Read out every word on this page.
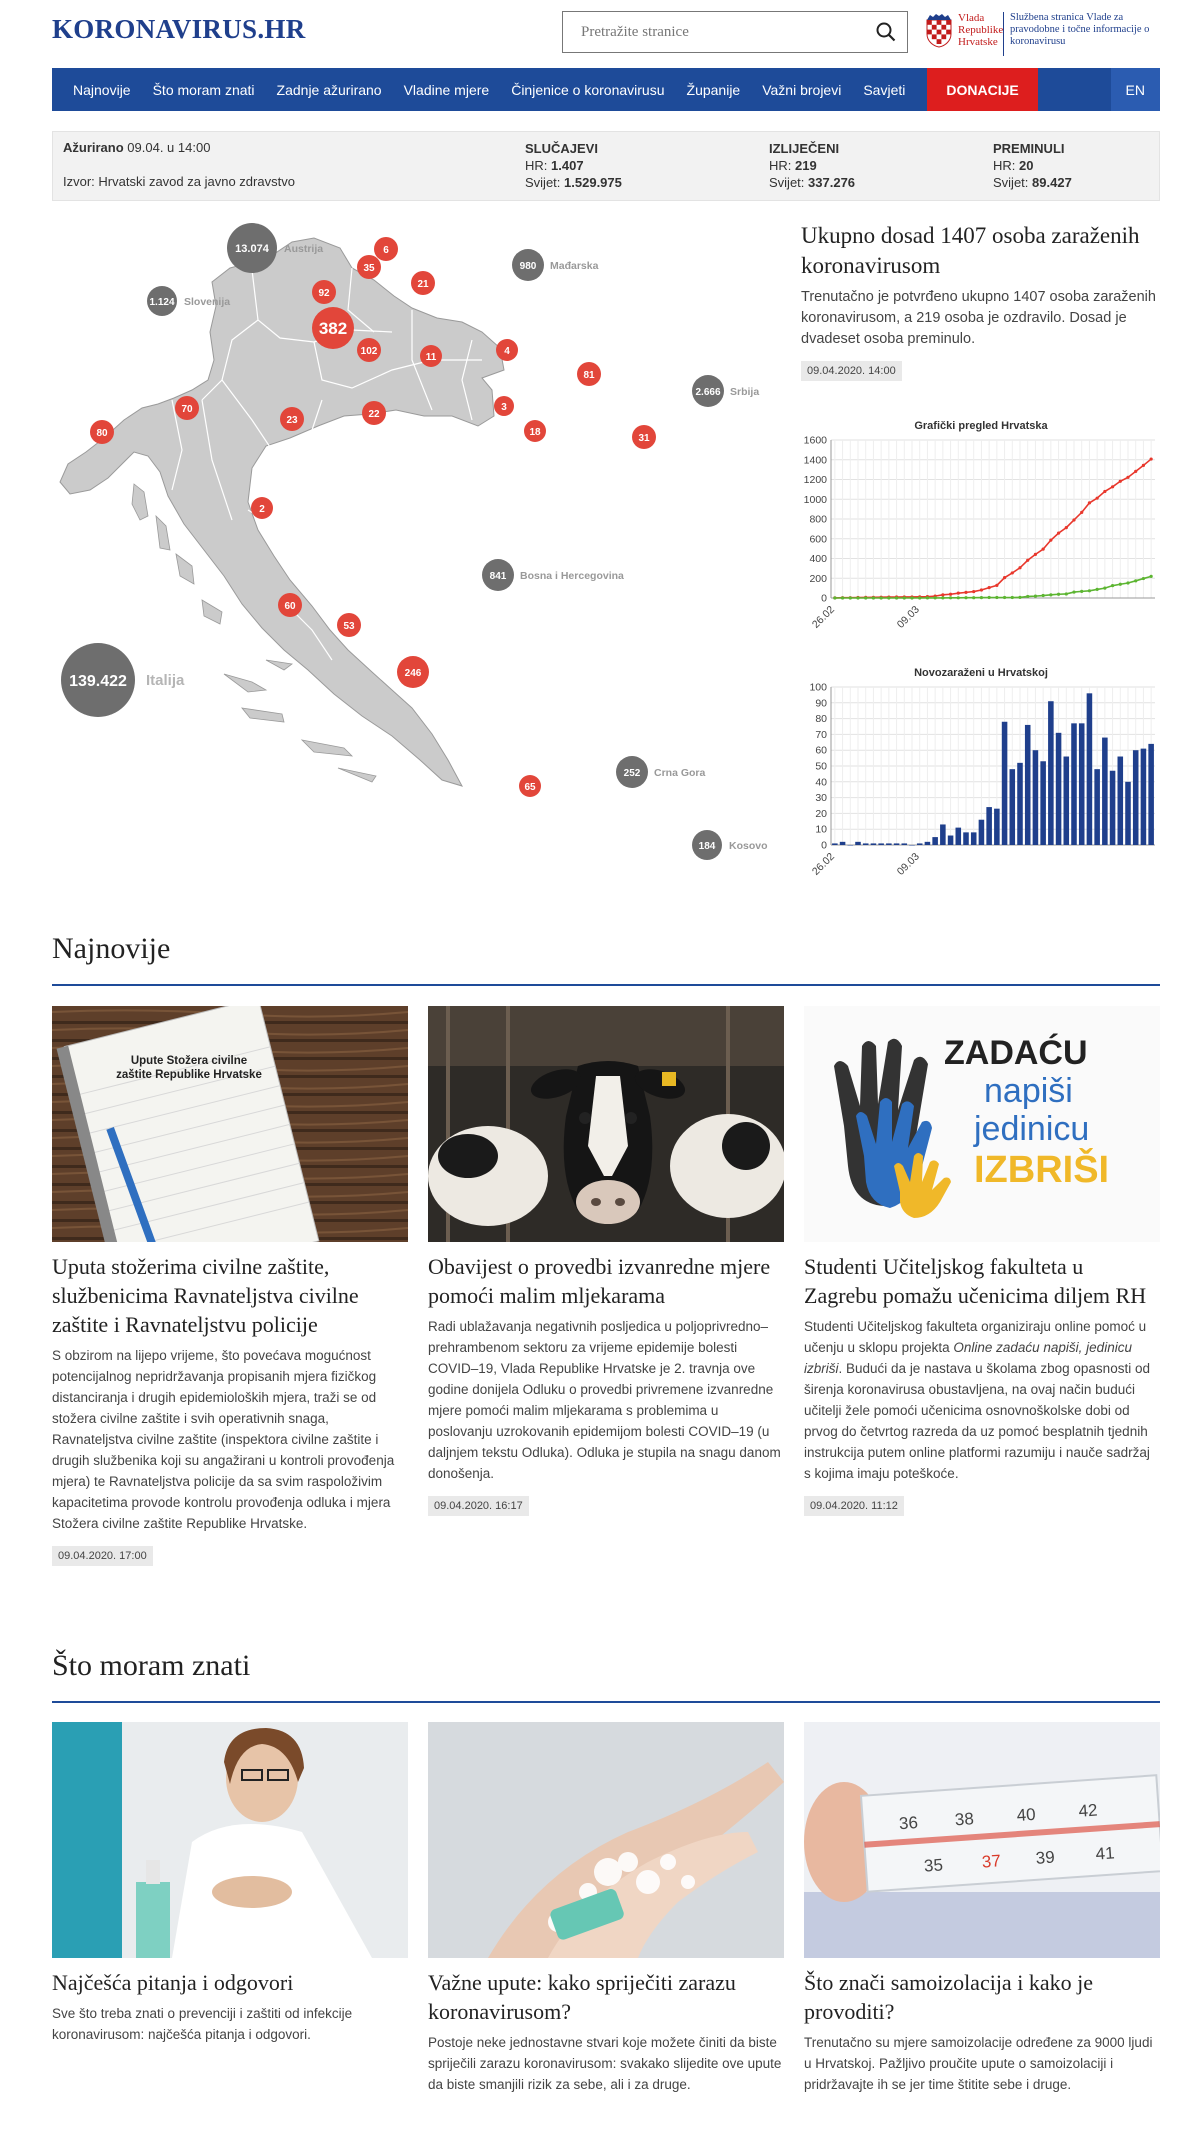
KORONAVIRUS.HR
Pretražite stranice	Vlada Republike Hrvatske
Službena stranica Vlade za pravodobne i točne informacije o koronavirusu
Najnovije	Što moram znati	Zadnje ažurirano	Vladine mjere	Činjenice o koronavirusu	Županije	Važni brojevi	Savjeti	DONACIJE	EN
Ažurirano 09.04. u 14:00
Izvor: Hrvatski zavod za javno zdravstvo
SLUČAJEVI
HR: 1.407
Svijet: 1.529.975
IZLIJEČENI
HR: 219
Svijet: 337.276
PREMINULI
HR: 20
Svijet: 89.427
13.074 Austrija
980 Mađarska
1.124 Slovenija
2.666 Srbija
841 Bosna i Hercegovina
139.422 Italija
252 Crna Gora
184 Kosovo
6
35
21
92
382
102
11
4
81
70
23
22
3
18
80	31
2
60
53
246
65
Ukupno dosad 1407 osoba zaraženih koronavirusom
Trenutačno je potvrđeno ukupno 1407 osoba zaraženih koronavirusom, a 219 osoba je ozdravilo. Dosad je dvadeset osoba preminulo.
09.04.2020. 14:00
Grafički pregled Hrvatska
0
200
400
600
800
1000
1200
1400
1600
26.02	09.03
Novozaraženi u Hrvatskoj
0
10
20
30
40
50
60
70
80
90
100
26.02	09.03
Najnovije
Upute Stožera civilne zaštite Republike Hrvatske
Uputa stožerima civilne zaštite, službenicima Ravnateljstva civilne zaštite i Ravnateljstvu policije
S obzirom na lijepo vrijeme, što povećava mogućnost potencijalnog nepridržavanja propisanih mjera fizičkog distanciranja i drugih epidemioloških mjera, traži se od stožera civilne zaštite i svih operativnih snaga, Ravnateljstva civilne zaštite (inspektora civilne zaštite i drugih službenika koji su angažirani u kontroli provođenja mjera) te Ravnateljstva policije da sa svim raspoloživim kapacitetima provode kontrolu provođenja odluka i mjera Stožera civilne zaštite Republike Hrvatske.
09.04.2020. 17:00
Obavijest o provedbi izvanredne mjere pomoći malim mljekarama
Radi ublažavanja negativnih posljedica u poljoprivredno–prehrambenom sektoru za vrijeme epidemije bolesti COVID–19, Vlada Republike Hrvatske je 2. travnja ove godine donijela Odluku o provedbi privremene izvanredne mjere pomoći malim mljekarama s problemima u poslovanju uzrokovanih epidemijom bolesti COVID–19 (u daljnjem tekstu Odluka). Odluka je stupila na snagu danom donošenja.
09.04.2020. 16:17
ZADAĆU
napiši
jedinicu
IZBRIŠI
Studenti Učiteljskog fakulteta u Zagrebu pomažu učenicima diljem RH
Studenti Učiteljskog fakulteta organiziraju online pomoć u učenju u sklopu projekta Online zadaću napiši, jedinicu izbriši. Budući da je nastava u školama zbog opasnosti od širenja koronavirusa obustavljena, na ovaj način budući učitelji žele pomoći učenicima osnovnoškolske dobi od prvog do četvrtog razreda da uz pomoć besplatnih tjednih instrukcija putem online platformi razumiju i nauče sadržaj s kojima imaju poteškoće.
09.04.2020. 11:12
Što moram znati
Najčešća pitanja i odgovori
Sve što treba znati o prevenciji i zaštiti od infekcije koronavirusom: najčešća pitanja i odgovori.
Važne upute: kako spriječiti zarazu koronavirusom?
Postoje neke jednostavne stvari koje možete činiti da biste spriječili zarazu koronavirusom: svakako slijedite ove upute da biste smanjili rizik za sebe, ali i za druge.
36 38 40 42
35 37 39 41
Što znači samoizolacija i kako je provoditi?
Trenutačno su mjere samoizolacije određene za 9000 ljudi u Hrvatskoj. Pažljivo proučite upute o samoizolaciji i pridržavajte ih se jer time štitite sebe i druge.
